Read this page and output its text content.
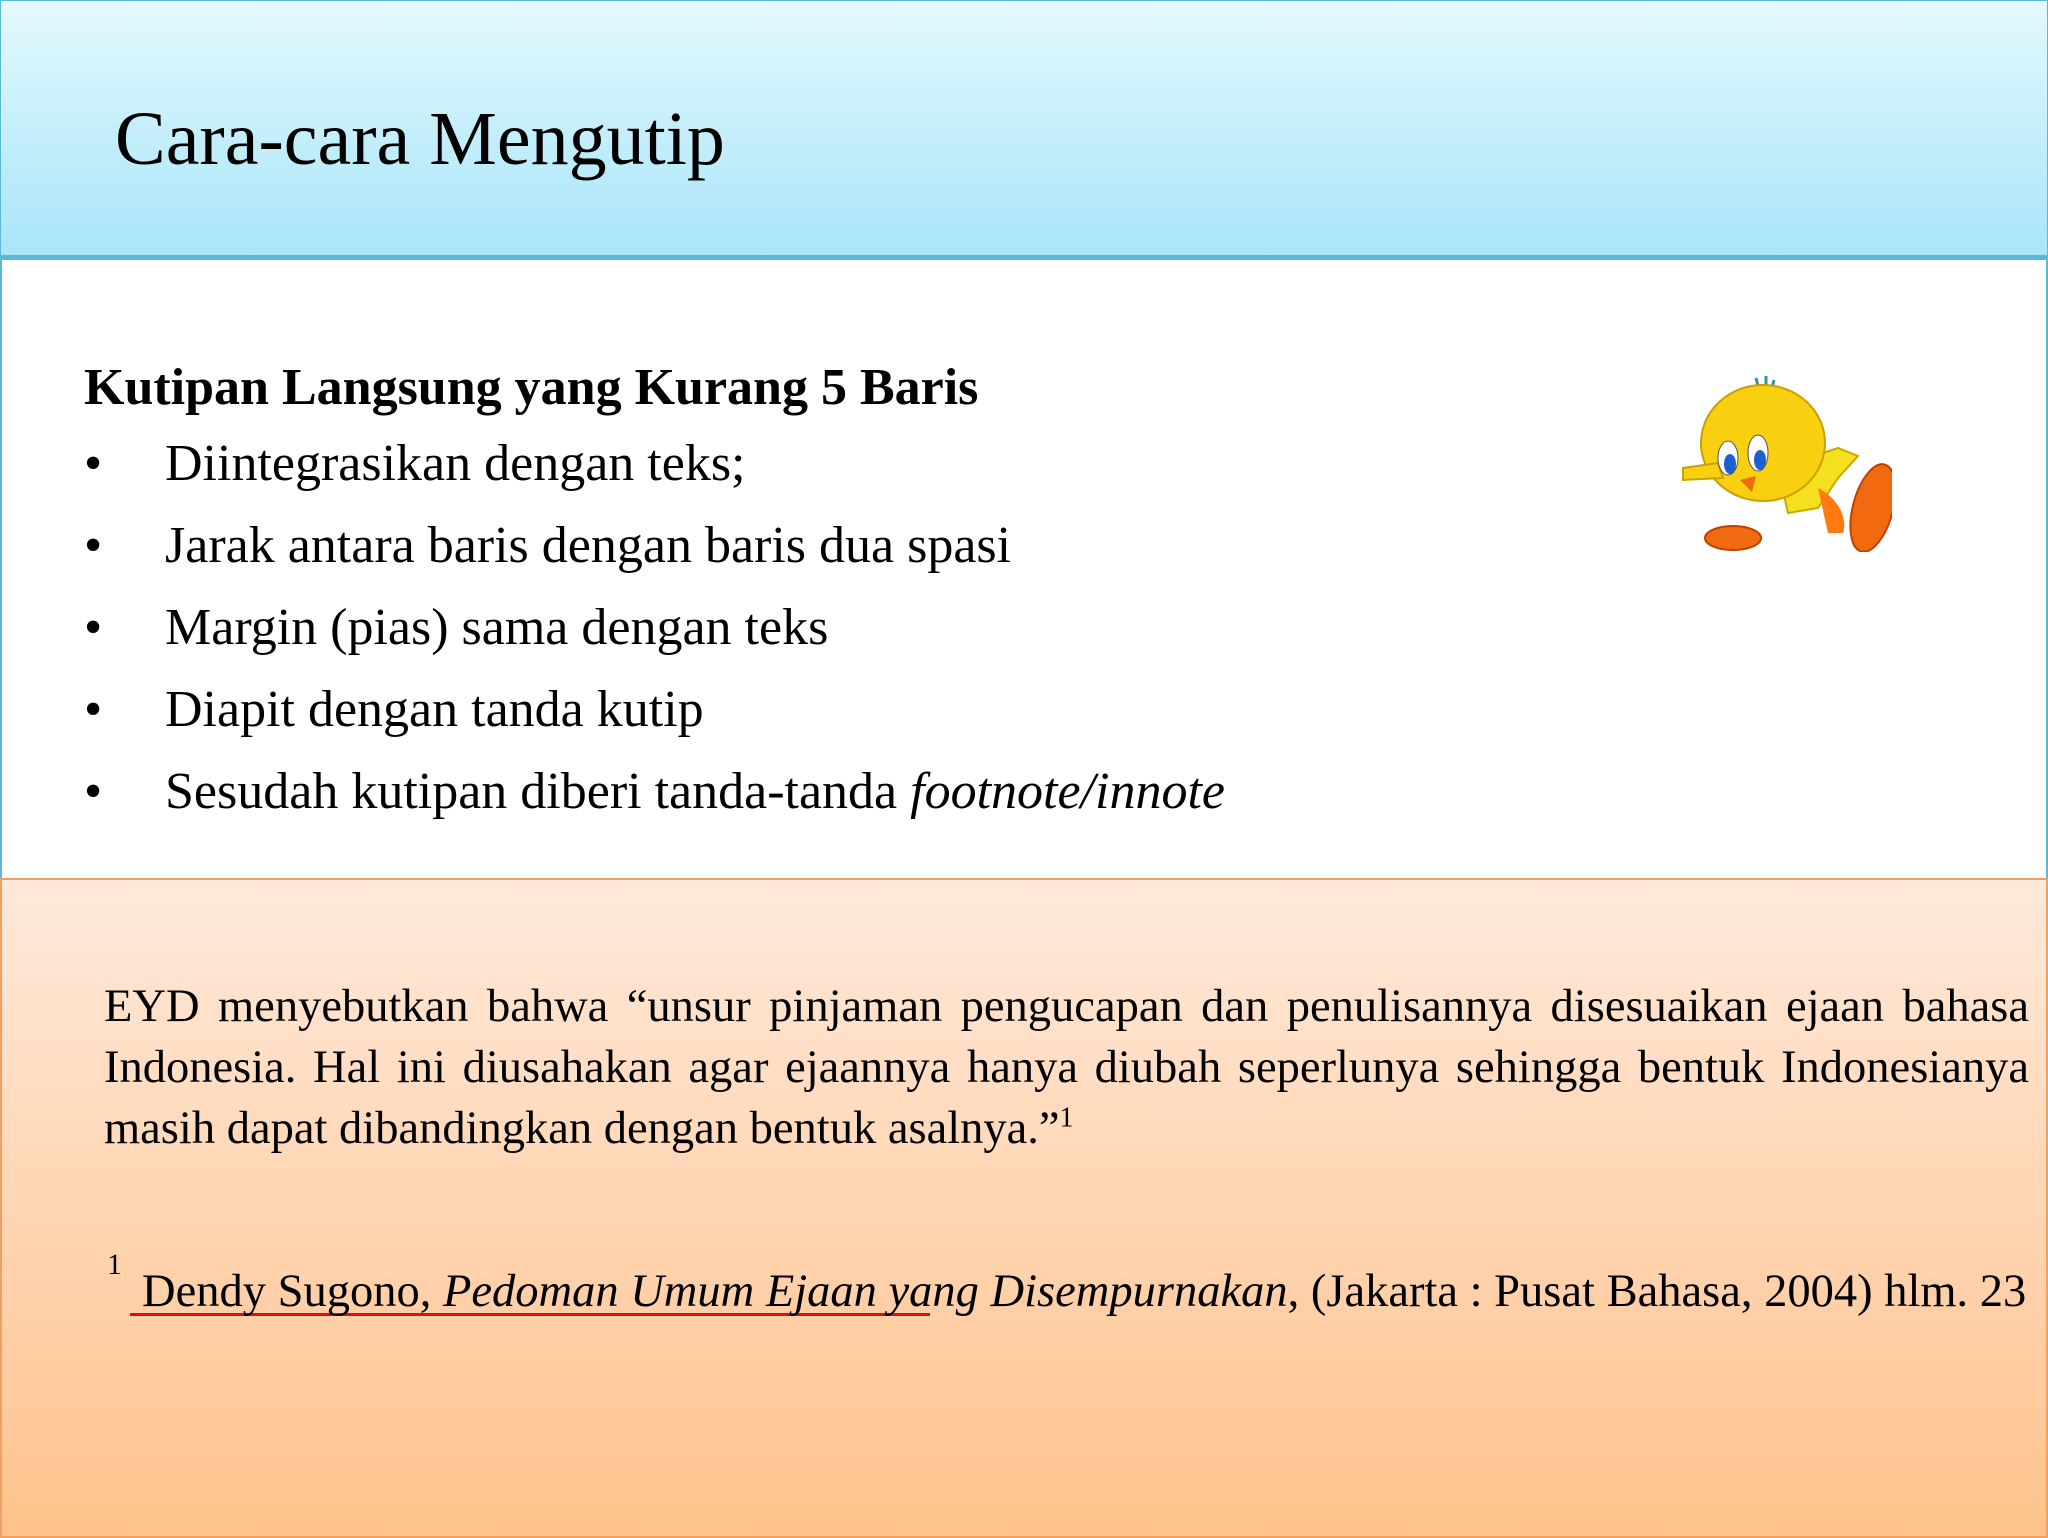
Cara-cara Mengutip
Kutipan Langsung yang Kurang 5 Baris
• Diintegrasikan dengan teks;
• Jarak antara baris dengan baris dua spasi
• Margin (pias) sama dengan teks
• Diapit dengan tanda kutip
• Sesudah kutipan diberi tanda-tanda footnote/innote
EYD menyebutkan bahwa “unsur pinjaman pengucapan dan penulisannya disesuaikan ejaan bahasa Indonesia. Hal ini diusahakan agar ejaannya hanya diubah seperlunya sehingga bentuk Indonesianya masih dapat dibandingkan dengan bentuk asalnya.”$^1$
1
Dendy Sugono, Pedoman Umum Ejaan yang Disempurnakan, (Jakarta : Pusat Bahasa, 2004) hlm. 23
